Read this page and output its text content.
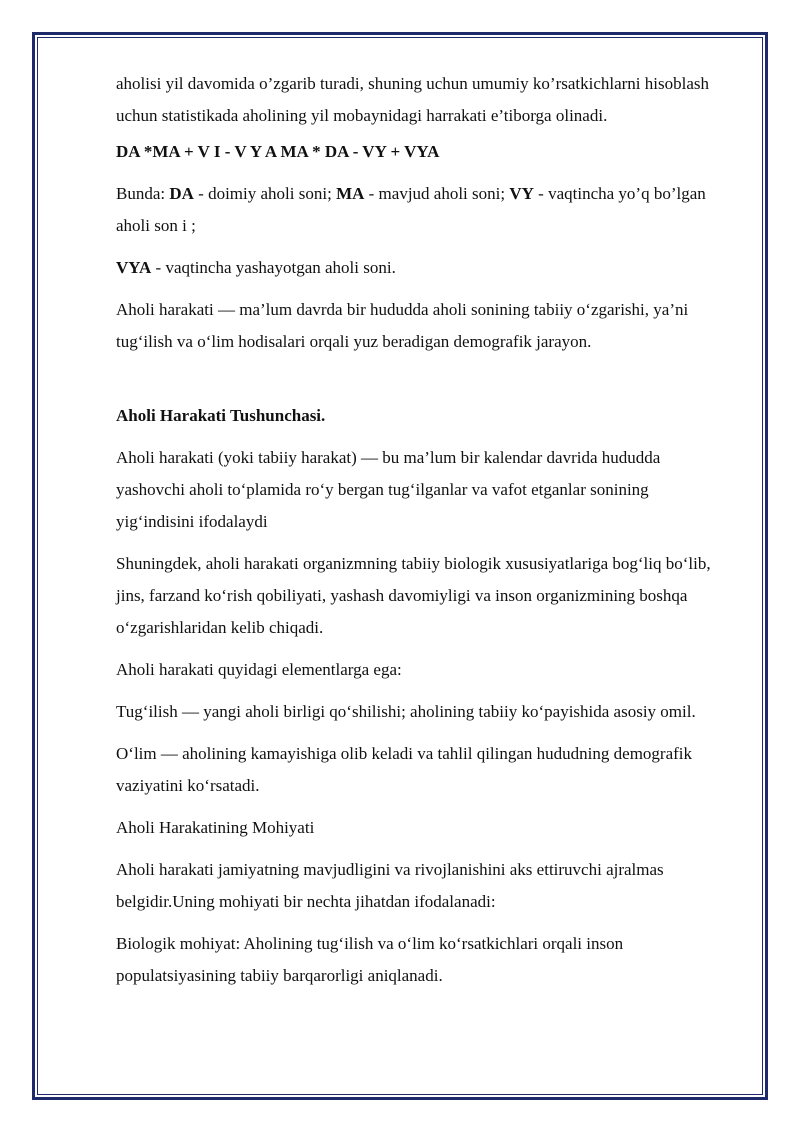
aholisi yil davomida o’zgarib turadi, shuning uchun umumiy ko’rsatkichlarni hisoblash uchun statistikada aholining yil mobaynidagi harrakati e’tiborga olinadi.

DA *MA + V I - V Y A MA * DA - VY + VYA

Bunda: DA - doimiy aholi soni; MA - mavjud aholi soni; VY - vaqtincha yo’q bo’lgan aholi son i ;

VYA - vaqtincha yashayotgan aholi soni.

Aholi harakati — ma’lum davrda bir hududda aholi sonining tabiiy o‘zgarishi, ya’ni tug‘ilish va o‘lim hodisalari orqali yuz beradigan demografik jarayon.

Aholi Harakati Tushunchasi.

Aholi harakati (yoki tabiiy harakat) — bu ma’lum bir kalendar davrida hududda yashovchi aholi to‘plamida ro‘y bergan tug‘ilganlar va vafot etganlar sonining yig‘indisini ifodalaydi

Shuningdek, aholi harakati organizmning tabiiy biologik xususiyatlariga bog‘liq bo‘lib, jins, farzand ko‘rish qobiliyati, yashash davomiyligi va inson organizmining boshqa o‘zgarishlaridan kelib chiqadi.

Aholi harakati quyidagi elementlarga ega:

Tug‘ilish — yangi aholi birligi qo‘shilishi; aholining tabiiy ko‘payishida asosiy omil.

O‘lim — aholining kamayishiga olib keladi va tahlil qilingan hududning demografik vaziyatini ko‘rsatadi.

Aholi Harakatining Mohiyati

Aholi harakati jamiyatning mavjudligini va rivojlanishini aks ettiruvchi ajralmas belgidir.Uning mohiyati bir nechta jihatdan ifodalanadi:

Biologik mohiyat: Aholining tug‘ilish va o‘lim ko‘rsatkichlari orqali inson populatsiyasining tabiiy barqarorligi aniqlanadi.
